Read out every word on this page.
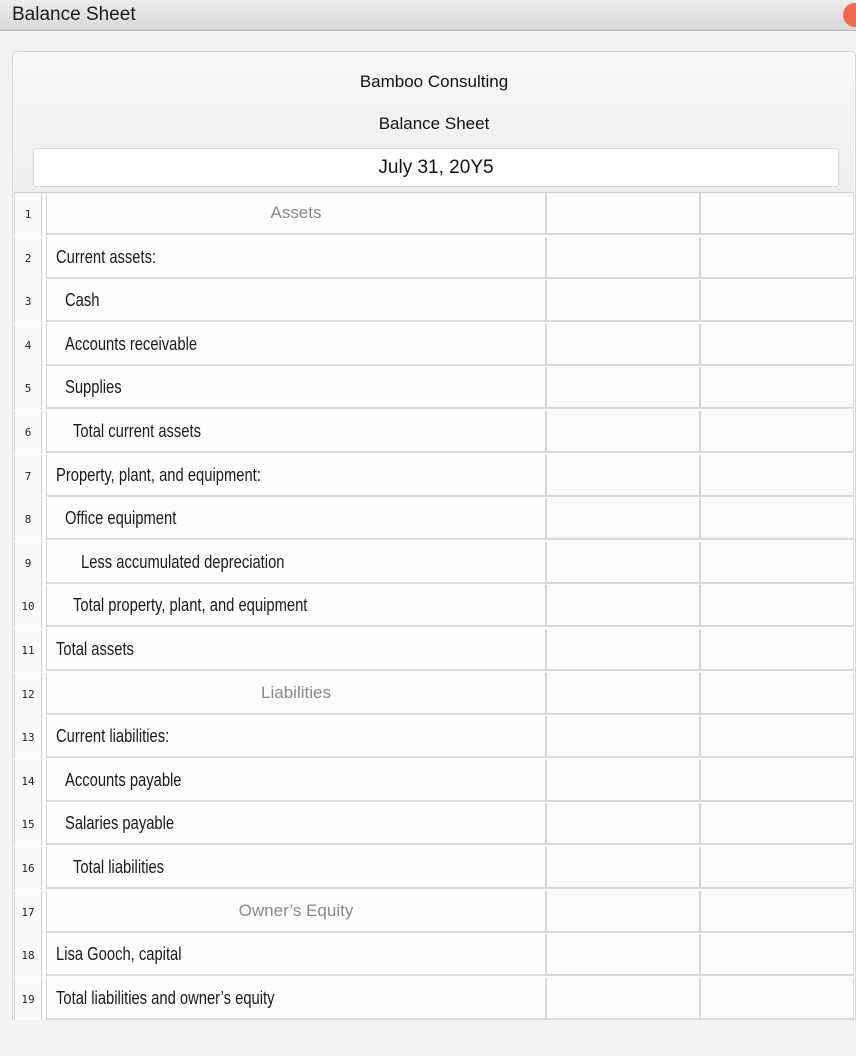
Balance Sheet
Bamboo Consulting
Balance Sheet
July 31, 20Y5
1	Assets
2	Current assets:
3	Cash
4	Accounts receivable
5	Supplies
6	Total current assets
7	Property, plant, and equipment:
8	Office equipment
9	Less accumulated depreciation
10	Total property, plant, and equipment
11	Total assets
12	Liabilities
13	Current liabilities:
14	Accounts payable
15	Salaries payable
16	Total liabilities
17	Owner’s Equity
18	Lisa Gooch, capital
19	Total liabilities and owner’s equity
